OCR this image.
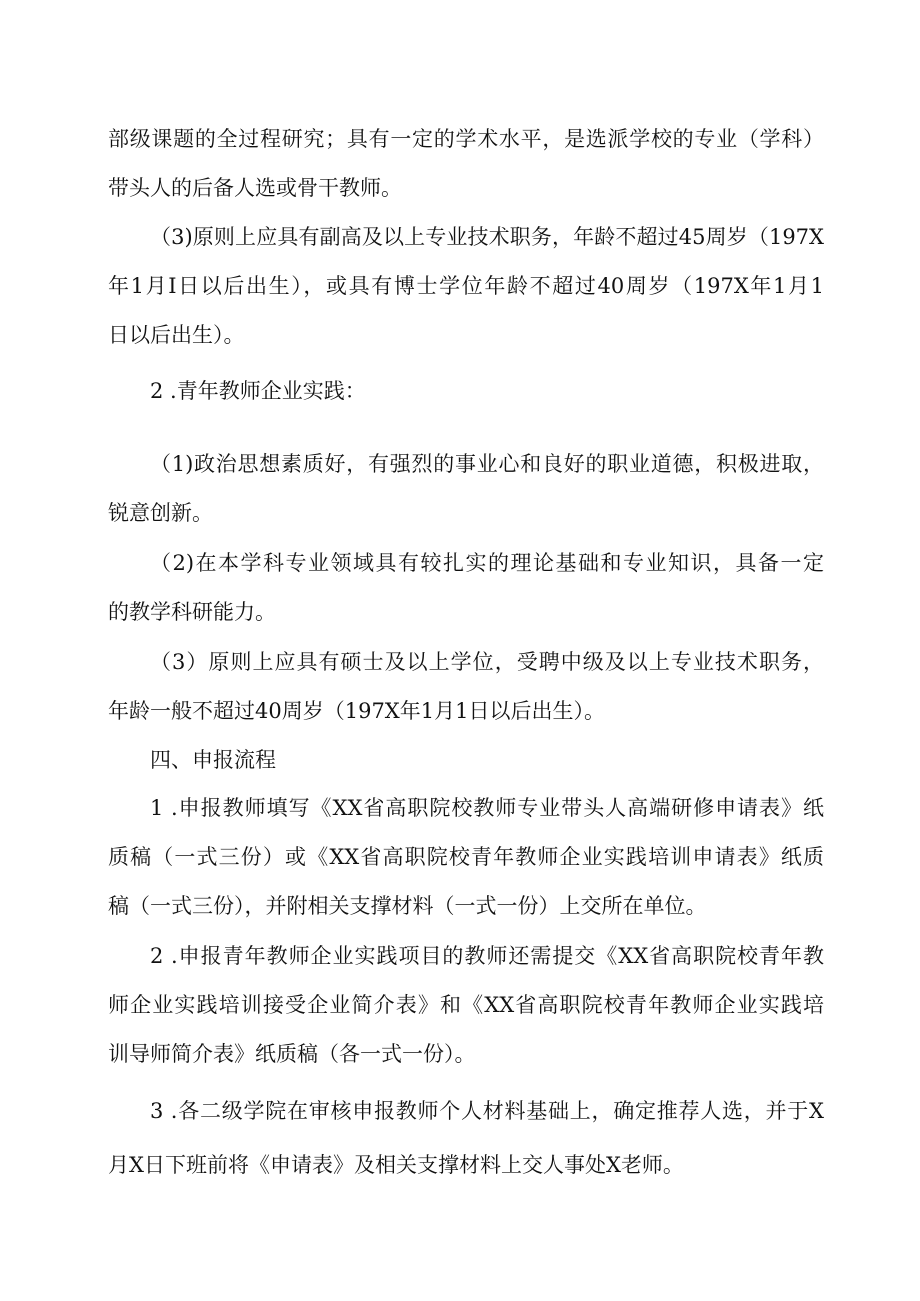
部级课题的全过程研究；具有一定的学术水平，是选派学校的专业（学科）
带头人的后备人选或骨干教师。
（3)原则上应具有副高及以上专业技术职务，年龄不超过45周岁（197X
年1月I日以后出生），或具有博士学位年龄不超过40周岁（197X年1月1
日以后出生）。
2 .青年教师企业实践：
（1)政治思想素质好，有强烈的事业心和良好的职业道德，积极进取，
锐意创新。
（2)在本学科专业领域具有较扎实的理论基础和专业知识，具备一定
的教学科研能力。
（3）原则上应具有硕士及以上学位，受聘中级及以上专业技术职务，
年龄一般不超过40周岁（197X年1月1日以后出生）。
四、申报流程
1 .申报教师填写《XX省高职院校教师专业带头人高端研修申请表》纸
质稿（一式三份）或《XX省高职院校青年教师企业实践培训申请表》纸质
稿（一式三份），并附相关支撑材料（一式一份）上交所在单位。
2 .申报青年教师企业实践项目的教师还需提交《XX省高职院校青年教
师企业实践培训接受企业简介表》和《XX省高职院校青年教师企业实践培
训导师简介表》纸质稿（各一式一份）。
3 .各二级学院在审核申报教师个人材料基础上，确定推荐人选，并于X
月X日下班前将《申请表》及相关支撑材料上交人事处X老师。
